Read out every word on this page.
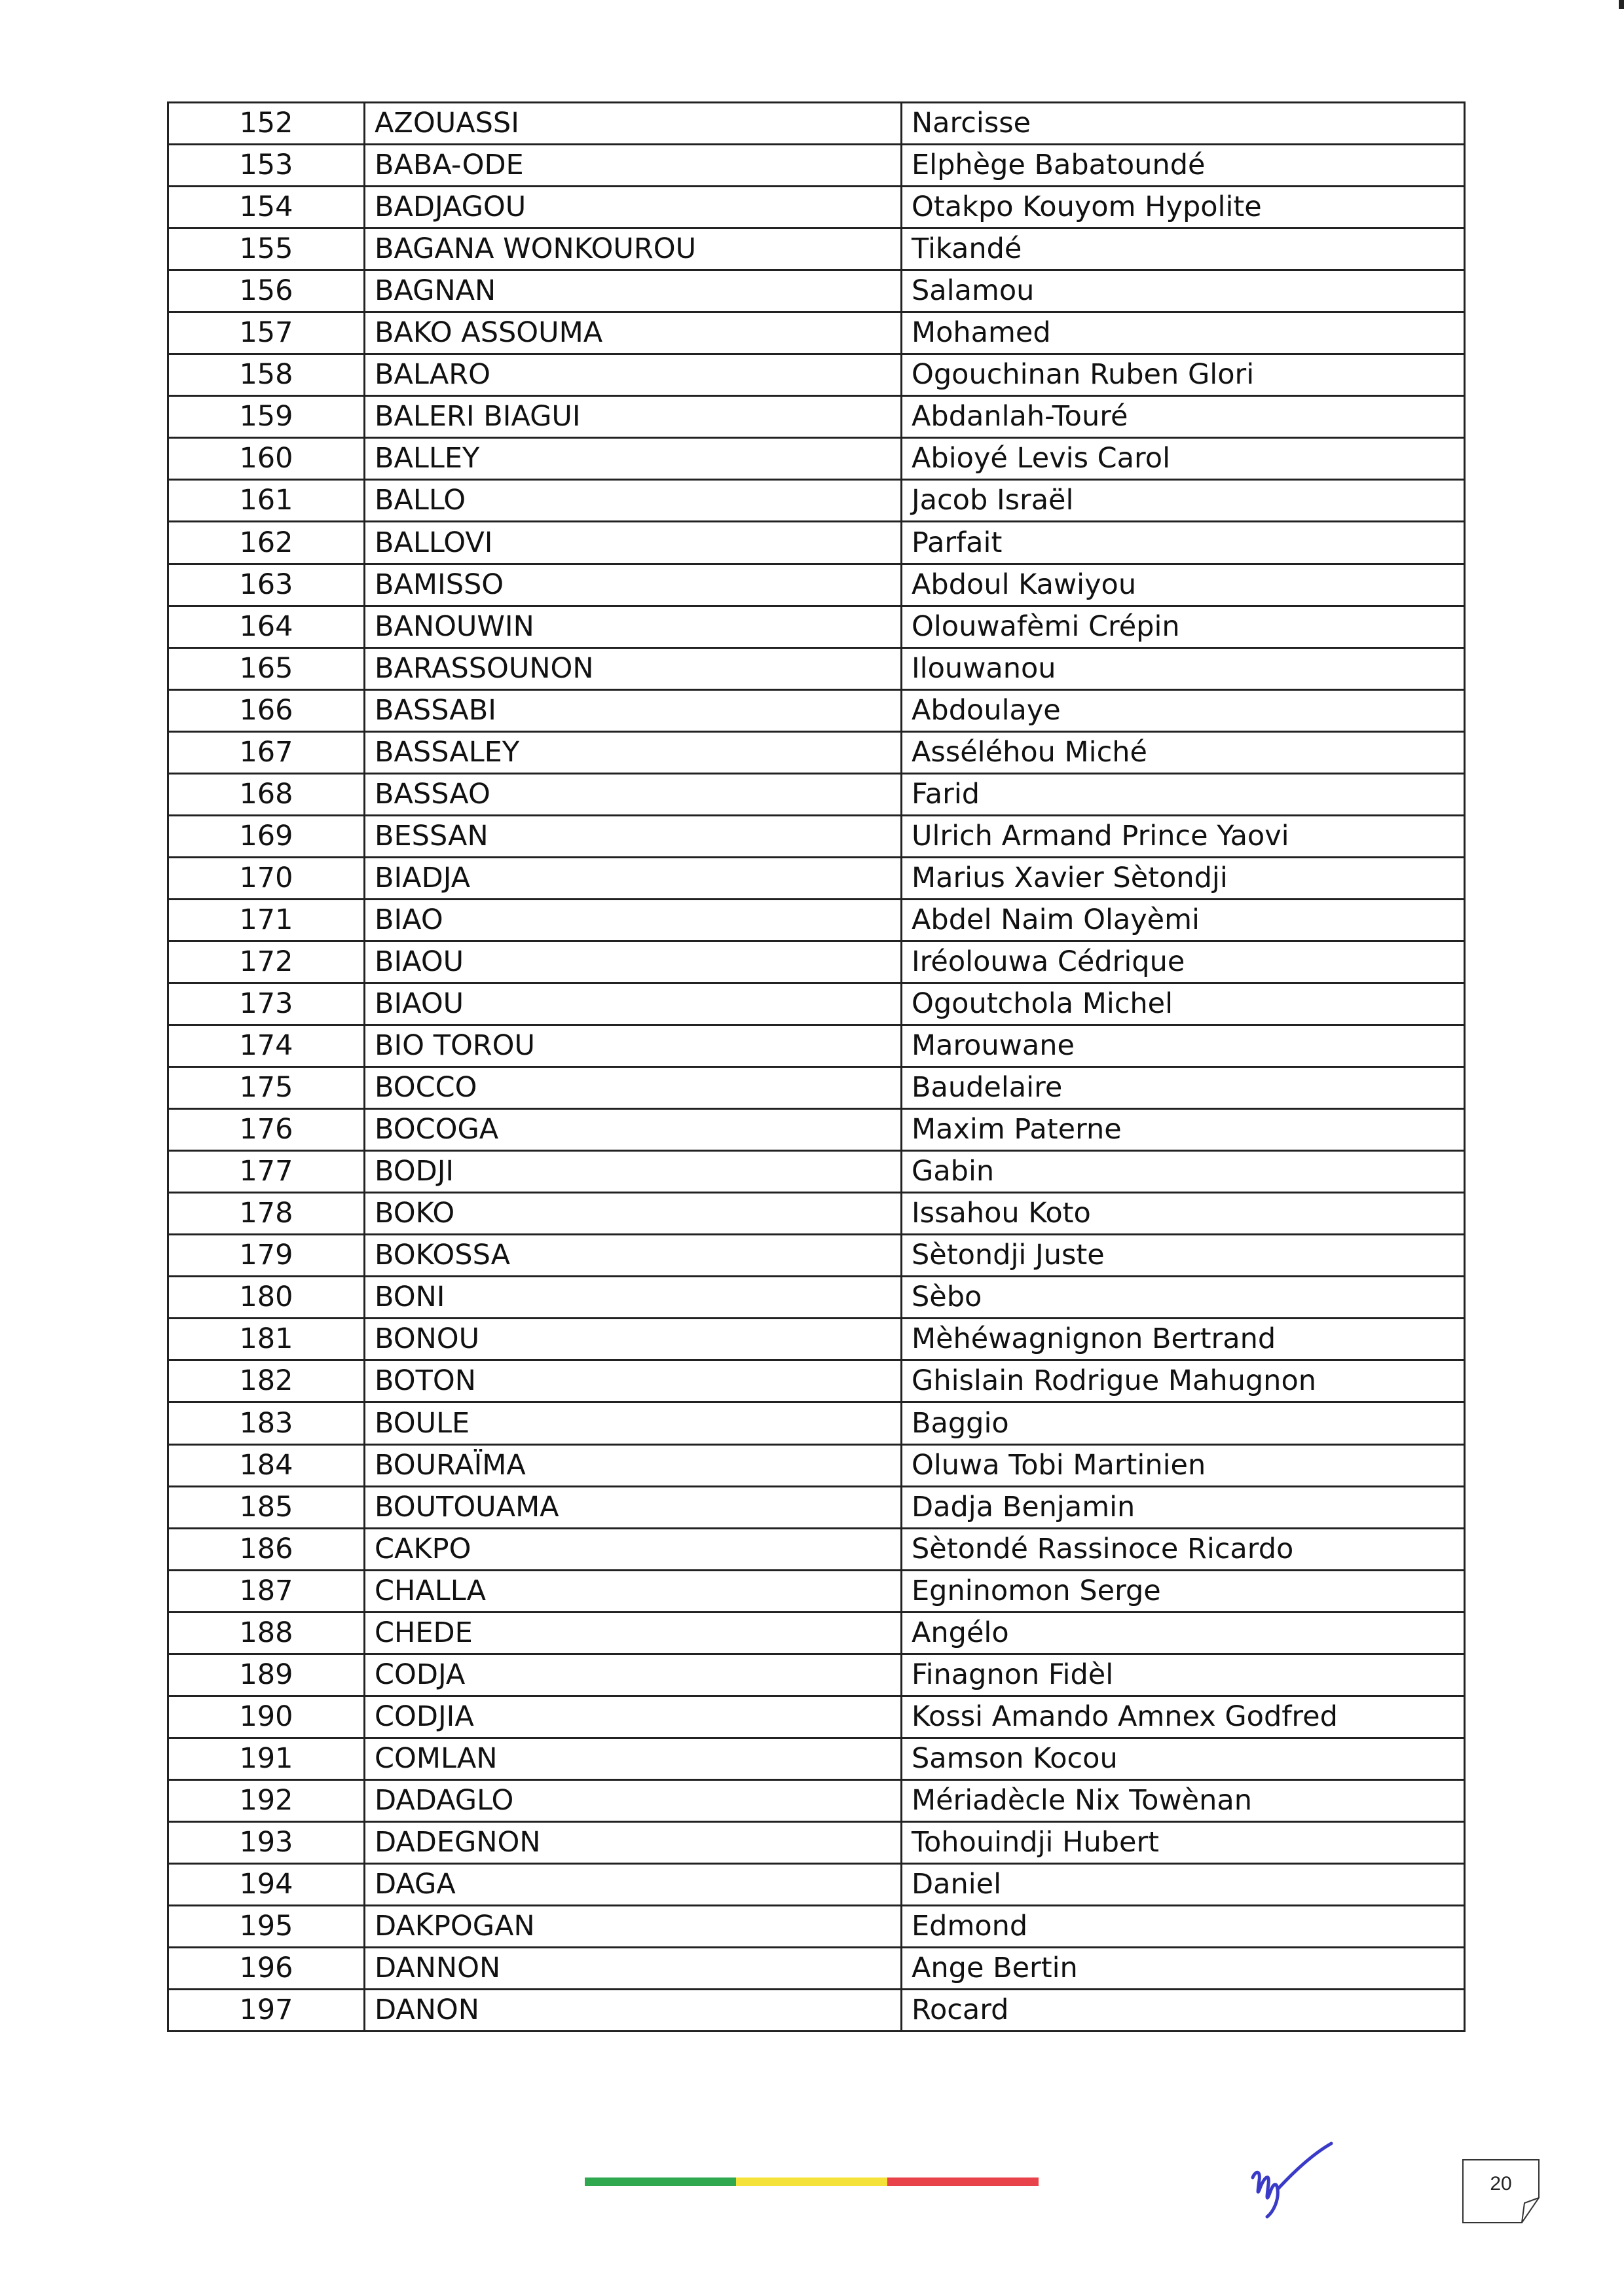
152	AZOUASSI	Narcisse
153	BABA-ODE	Elphège Babatoundé
154	BADJAGOU	Otakpo Kouyom Hypolite
155	BAGANA WONKOUROU	Tikandé
156	BAGNAN	Salamou
157	BAKO ASSOUMA	Mohamed
158	BALARO	Ogouchinan Ruben Glori
159	BALERI BIAGUI	Abdanlah-Touré
160	BALLEY	Abioyé Levis Carol
161	BALLO	Jacob Israël
162	BALLOVI	Parfait
163	BAMISSO	Abdoul Kawiyou
164	BANOUWIN	Olouwafèmi Crépin
165	BARASSOUNON	Ilouwanou
166	BASSABI	Abdoulaye
167	BASSALEY	Asséléhou Miché
168	BASSAO	Farid
169	BESSAN	Ulrich Armand Prince Yaovi
170	BIADJA	Marius Xavier Sètondji
171	BIAO	Abdel Naim Olayèmi
172	BIAOU	Iréolouwa Cédrique
173	BIAOU	Ogoutchola Michel
174	BIO TOROU	Marouwane
175	BOCCO	Baudelaire
176	BOCOGA	Maxim Paterne
177	BODJI	Gabin
178	BOKO	Issahou Koto
179	BOKOSSA	Sètondji Juste
180	BONI	Sèbo
181	BONOU	Mèhéwagnignon Bertrand
182	BOTON	Ghislain Rodrigue Mahugnon
183	BOULE	Baggio
184	BOURAÏMA	Oluwa Tobi Martinien
185	BOUTOUAMA	Dadja Benjamin
186	CAKPO	Sètondé Rassinoce Ricardo
187	CHALLA	Egninomon Serge
188	CHEDE	Angélo
189	CODJA	Finagnon Fidèl
190	CODJIA	Kossi Amando Amnex Godfred
191	COMLAN	Samson Kocou
192	DADAGLO	Mériadècle Nix Towènan
193	DADEGNON	Tohouindji Hubert
194	DAGA	Daniel
195	DAKPOGAN	Edmond
196	DANNON	Ange Bertin
197	DANON	Rocard
20
